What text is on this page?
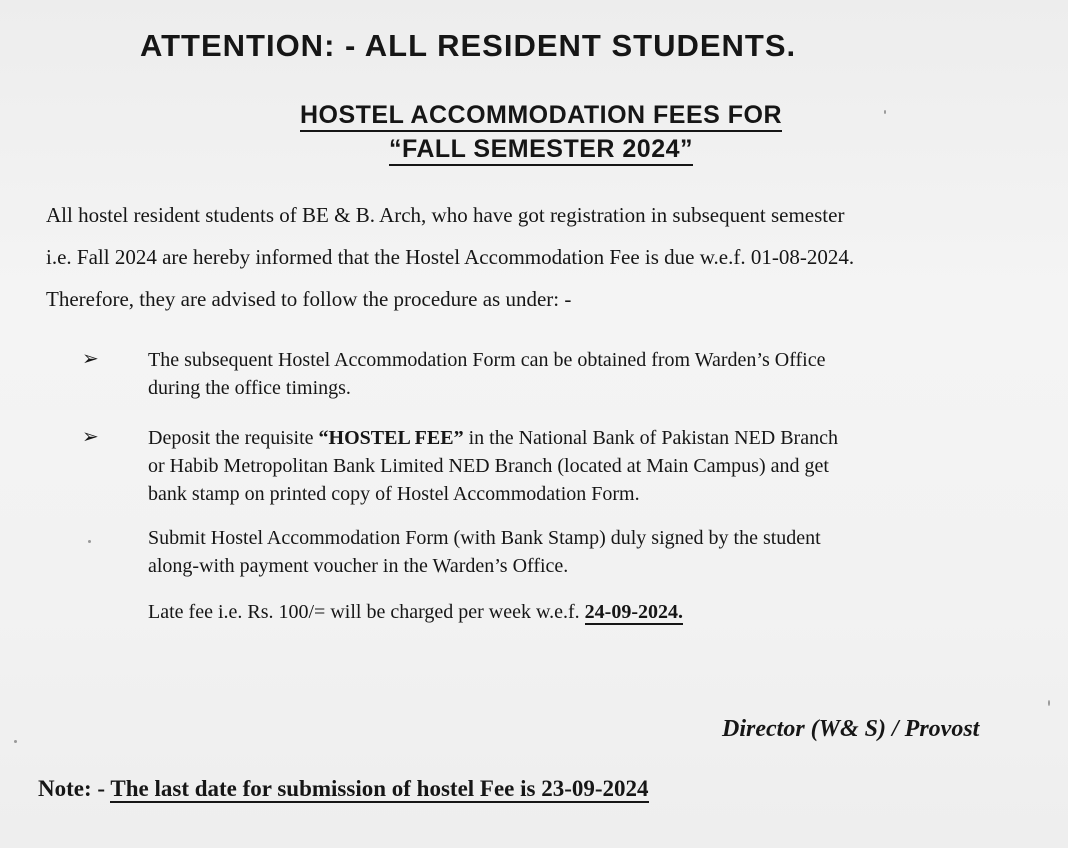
ATTENTION: - ALL RESIDENT STUDENTS.
HOSTEL ACCOMMODATION FEES FOR
“FALL SEMESTER 2024”
All hostel resident students of BE & B. Arch, who have got registration in subsequent semester
i.e. Fall 2024 are hereby informed that the Hostel Accommodation Fee is due w.e.f. 01-08-2024.
Therefore, they are advised to follow the procedure as under: -
➢ The subsequent Hostel Accommodation Form can be obtained from Warden’s Office
during the office timings.
➢ Deposit the requisite “HOSTEL FEE” in the National Bank of Pakistan NED Branch
or Habib Metropolitan Bank Limited NED Branch (located at Main Campus) and get
bank stamp on printed copy of Hostel Accommodation Form.
Submit Hostel Accommodation Form (with Bank Stamp) duly signed by the student
along-with payment voucher in the Warden’s Office.
Late fee i.e. Rs. 100/= will be charged per week w.e.f. 24-09-2024.
Director (W& S) / Provost
Note: - The last date for submission of hostel Fee is 23-09-2024
